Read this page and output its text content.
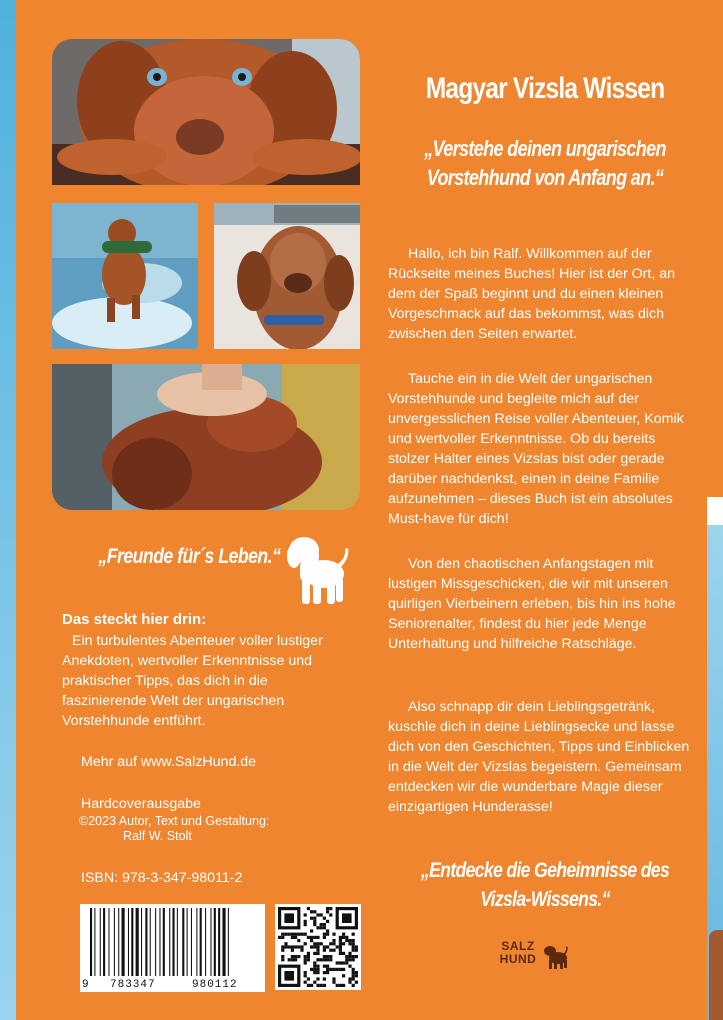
Magyar Vizsla Wissen
„Verstehe deinen ungarischen Vorstehhund von Anfang an.“

Hallo, ich bin Ralf. Willkommen auf der Rückseite meines Buches! Hier ist der Ort, an dem der Spaß beginnt und du einen kleinen Vorgeschmack auf das bekommst, was dich zwischen den Seiten erwartet.

Tauche ein in die Welt der ungarischen Vorstehhunde und begleite mich auf der unvergesslichen Reise voller Abenteuer, Komik und wertvoller Erkenntnisse. Ob du bereits stolzer Halter eines Vizslas bist oder gerade darüber nachdenkst, einen in deine Familie aufzunehmen – dieses Buch ist ein absolutes Must-have für dich!

Von den chaotischen Anfangstagen mit lustigen Missgeschicken, die wir mit unseren quirligen Vierbeinern erleben, bis hin ins hohe Seniorenalter, findest du hier jede Menge Unterhaltung und hilfreiche Ratschläge.

Also schnapp dir dein Lieblingsgetränk, kuschle dich in deine Lieblingsecke und lasse dich von den Geschichten, Tipps und Einblicken in die Welt der Vizslas begeistern. Gemeinsam entdecken wir die wunderbare Magie dieser einzigartigen Hunderasse!

„Entdecke die Geheimnisse des Vizsla-Wissens.“
„Freunde für´s Leben.“
Das steckt hier drin:

Ein turbulentes Abenteuer voller lustiger Anekdoten, wertvoller Erkenntnisse und praktischer Tipps, das dich in die faszinierende Welt der ungarischen Vorstehhunde entführt.

Mehr auf www.SalzHund.de
Hardcoverausgabe
©2023 Autor, Text und Gestaltung:
Ralf W. Stolt
ISBN: 978-3-347-98011-2
9 783347	980112
SALZ
HUND
